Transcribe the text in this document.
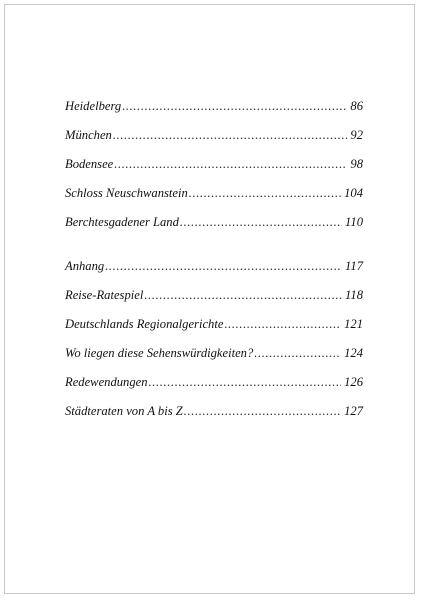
Heidelberg .....	86
München .....	92
Bodensee .....	98
Schloss Neuschwanstein .....	104
Berchtesgadener Land .....	110
Anhang .....	117
Reise-Ratespiel .....	118
Deutschlands Regionalgerichte .....	121
Wo liegen diese Sehenswürdigkeiten? .....	124
Redewendungen .....	126
Städteraten von A bis Z .....	127
